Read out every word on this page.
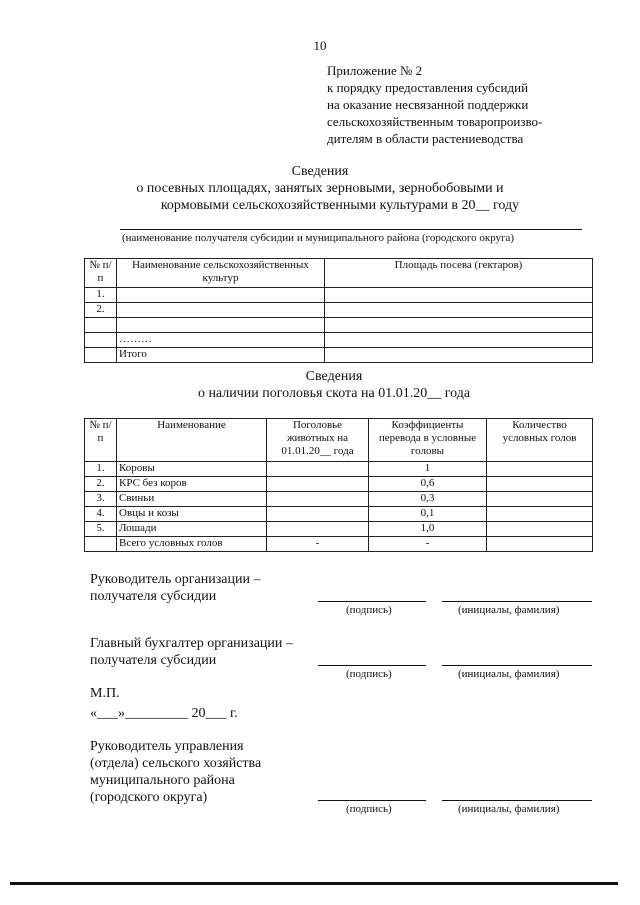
10
Приложение № 2
к порядку предоставления субсидий
на оказание несвязанной поддержки
сельскохозяйственным товаропроизво-
дителям в области растениеводства
Сведения
о посевных площадях, занятых зерновыми, зернобобовыми и
кормовыми сельскохозяйственными культурами в 20__ году
(наименование получателя субсидии и муниципального района (городского округа)
№ п/п	Наименование сельскохозяйственных культур	Площадь посева (гектаров)
1.		
2.		

	………	
	Итого	
Сведения
о наличии поголовья скота на 01.01.20__ года
№ п/п	Наименование	Поголовье животных на 01.01.20__ года	Коэффициенты перевода в условные головы	Количество условных голов
1.	Коровы		1	
2.	КРС без коров		0,6	
3.	Свиньи		0,3	
4.	Овцы и козы		0,1	
5.	Лошади		1,0	
	Всего условных голов	-	-	
Руководитель организации –
получателя субсидии
(подпись)	(инициалы, фамилия)
Главный бухгалтер организации –
получателя субсидии
(подпись)	(инициалы, фамилия)
М.П.
«___»_________ 20___ г.
Руководитель управления
(отдела) сельского хозяйства
муниципального района
(городского округа)
(подпись)	(инициалы, фамилия)
